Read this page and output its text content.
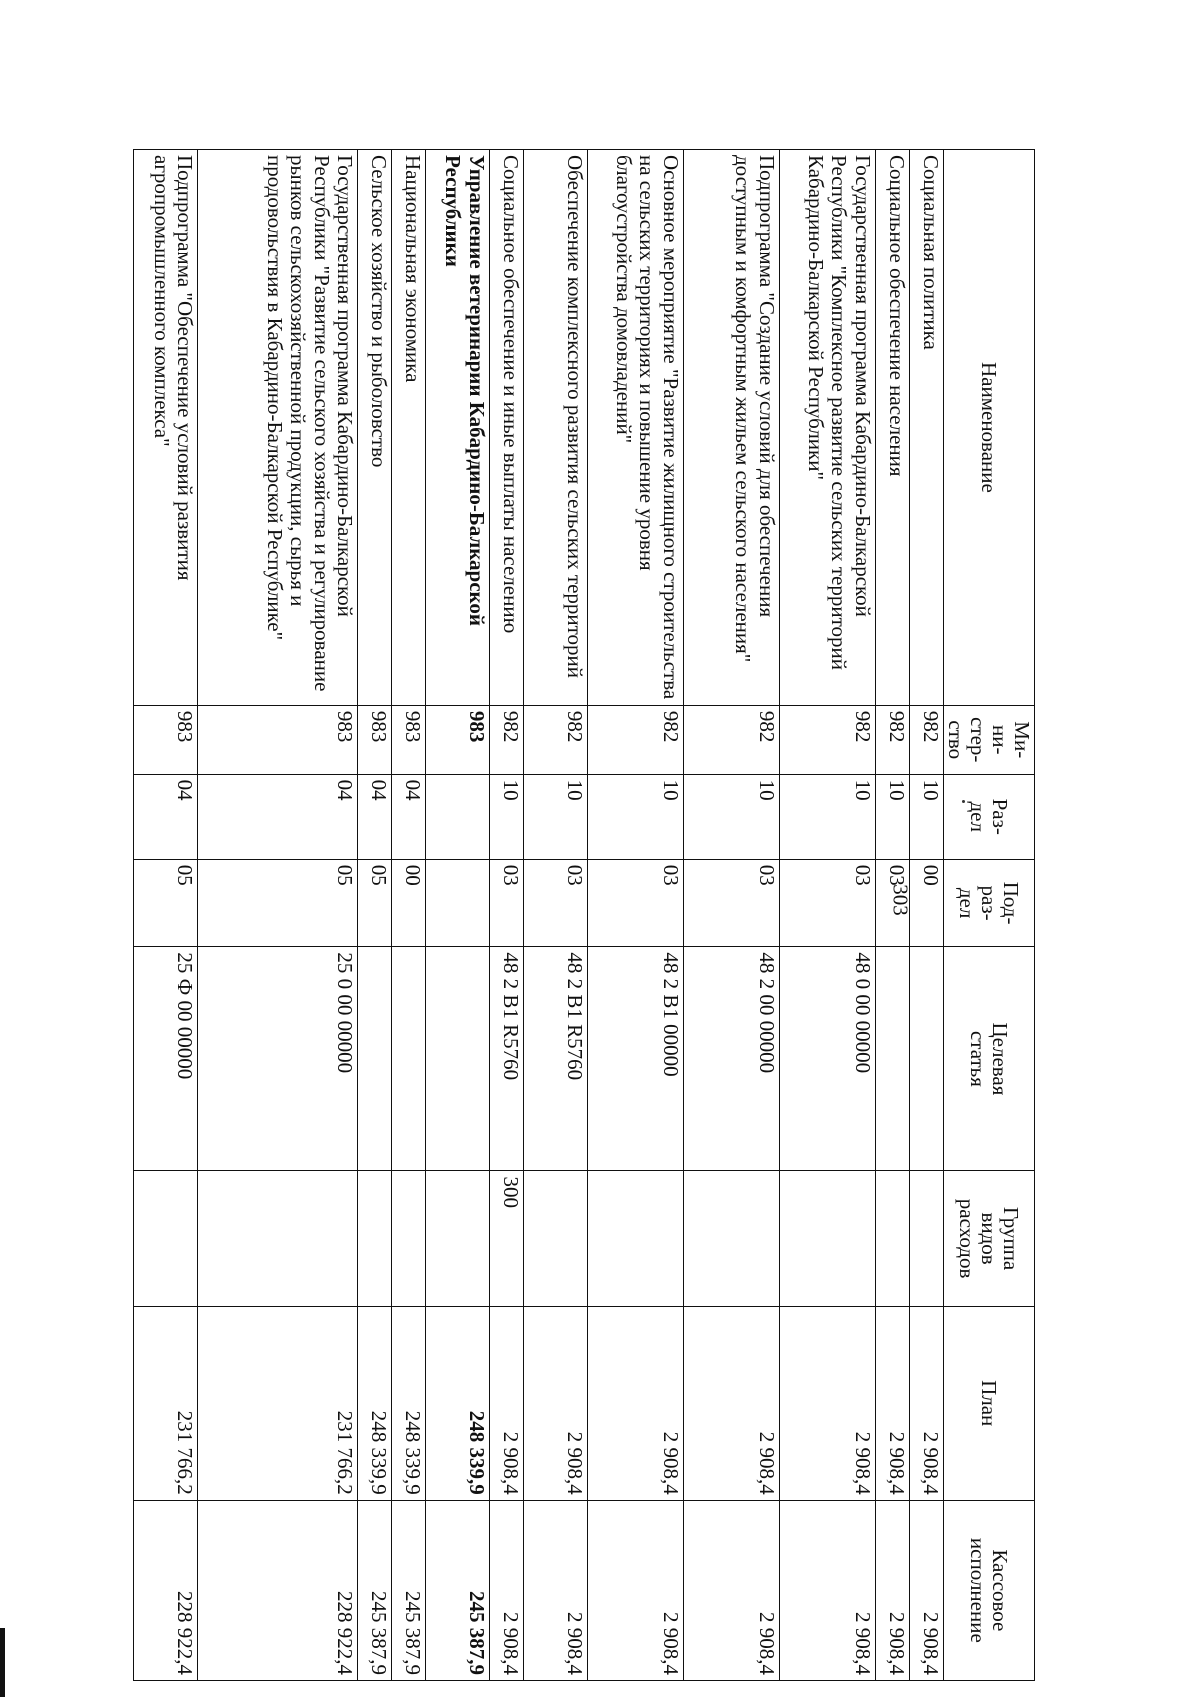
303
Наименование	Ми-
ни-
стер-
ство	Раз-
дел	Под-
раз-
дел	Целевая
статья	Группа
видов
расходов	План	Кассовое
исполнение
Социальная политика	982	10	00			2 908,4	2 908,4
Социальное обеспечение населения	982	10	03			2 908,4	2 908,4
Государственная программа Кабардино-Балкарской Республики "Комплексное развитие сельских территорий Кабардино-Балкарской Республики"	982	10	03	48 0 00 00000		2 908,4	2 908,4
Подпрограмма "Создание условий для обеспечения доступным и комфортным жильем сельского населения"	982	10	03	48 2 00 00000		2 908,4	2 908,4
Основное мероприятие "Развитие жилищного строительства на сельских территориях и повышение уровня благоустройства домовладений"	982	10	03	48 2 B1 00000		2 908,4	2 908,4
Обеспечение комплексного развития сельских территорий	982	10	03	48 2 B1 R5760		2 908,4	2 908,4
Социальное обеспечение и иные выплаты населению	982	10	03	48 2 B1 R5760	300	2 908,4	2 908,4
Управление ветеринарии Кабардино-Балкарской Республики	983					248 339,9	245 387,9
Национальная экономика	983	04	00			248 339,9	245 387,9
Сельское хозяйство и рыболовство	983	04	05			248 339,9	245 387,9
Государственная программа Кабардино-Балкарской Республики "Развитие сельского хозяйства и регулирование рынков сельскохозяйственной продукции, сырья и продовольствия в Кабардино-Балкарской Республике"	983	04	05	25 0 00 00000		231 766,2	228 922,4
Подпрограмма "Обеспечение условий развития агропромышленного комплекса"	983	04	05	25 Ф 00 00000		231 766,2	228 922,4
